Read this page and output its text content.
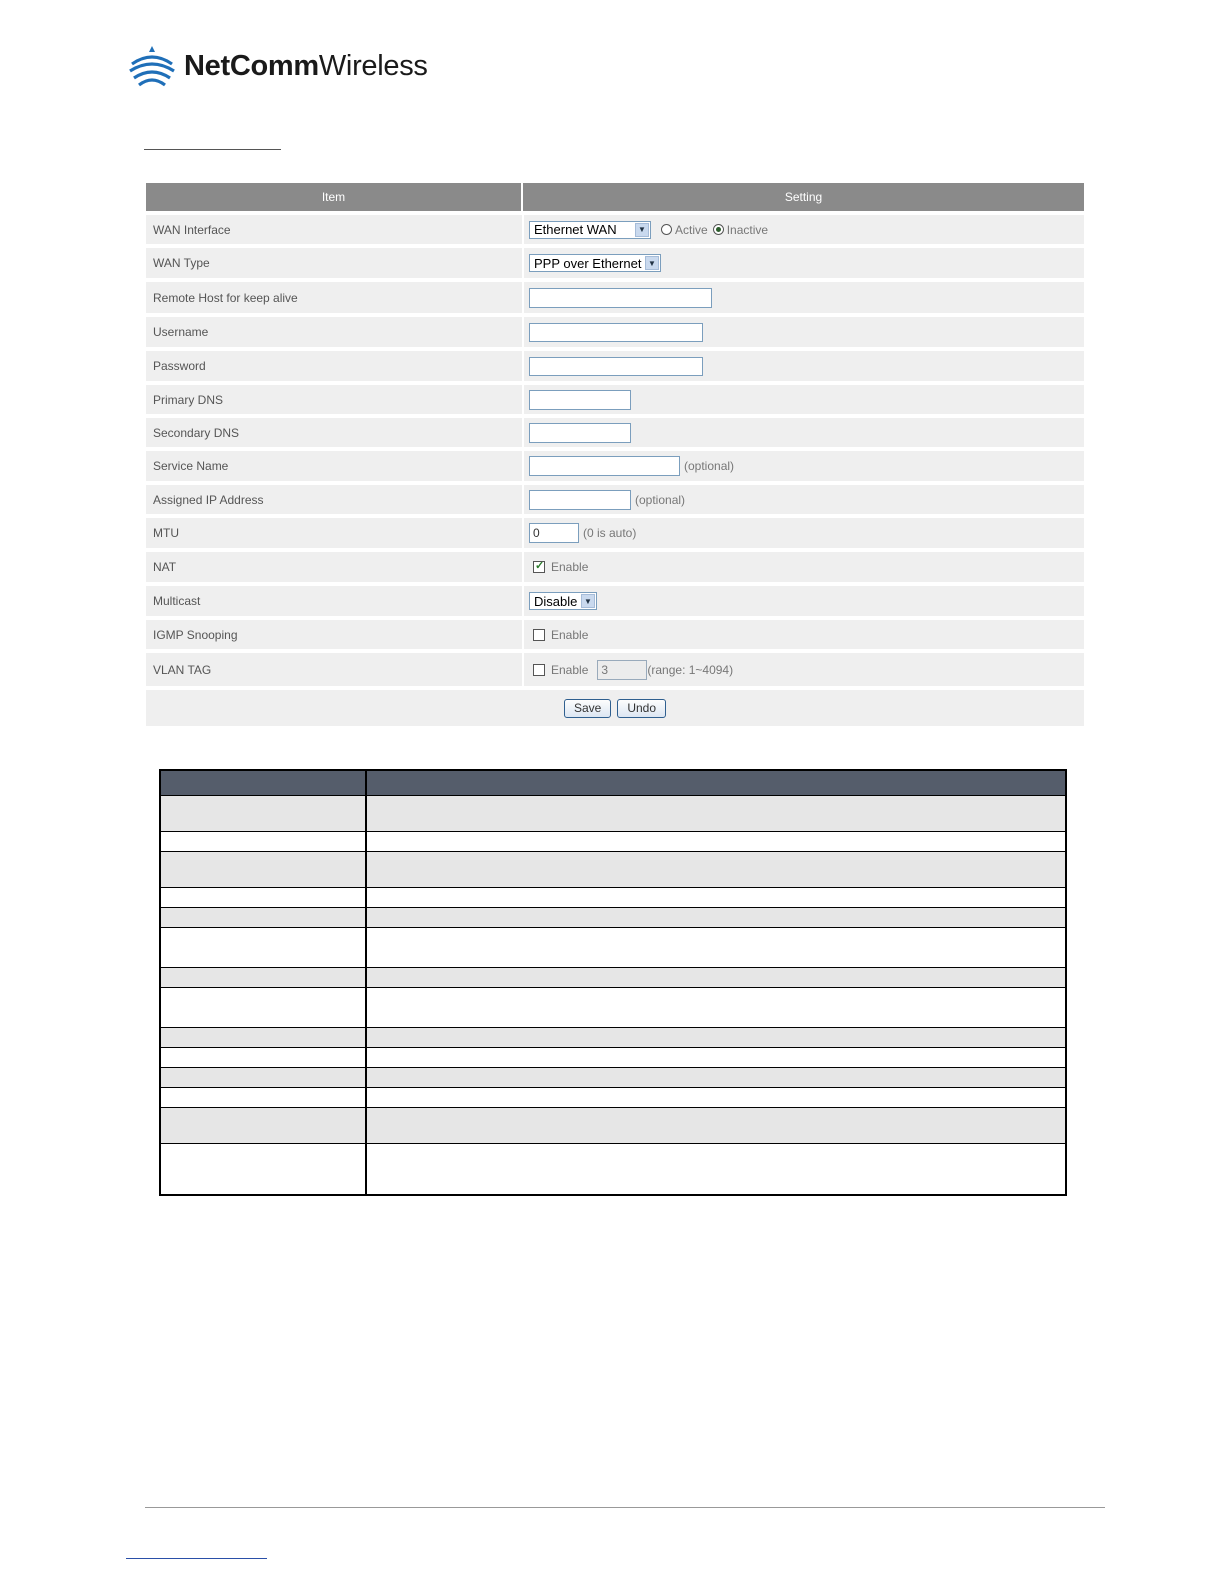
NetCommWireless
Item	Setting
WAN Interface	Ethernet WAN	▼ Active Inactive
WAN Type	PPP over Ethernet ▼
Remote Host for keep alive
Username
Password
Primary DNS
Secondary DNS
Service Name	(optional)
Assigned IP Address	(optional)
MTU
0	(0 is auto)
NAT
✓	Enable
Multicast	Disable ▼
IGMP Snooping	Enable
VLAN TAG	Enable
3	(range: 1~4094)
Save	Undo
